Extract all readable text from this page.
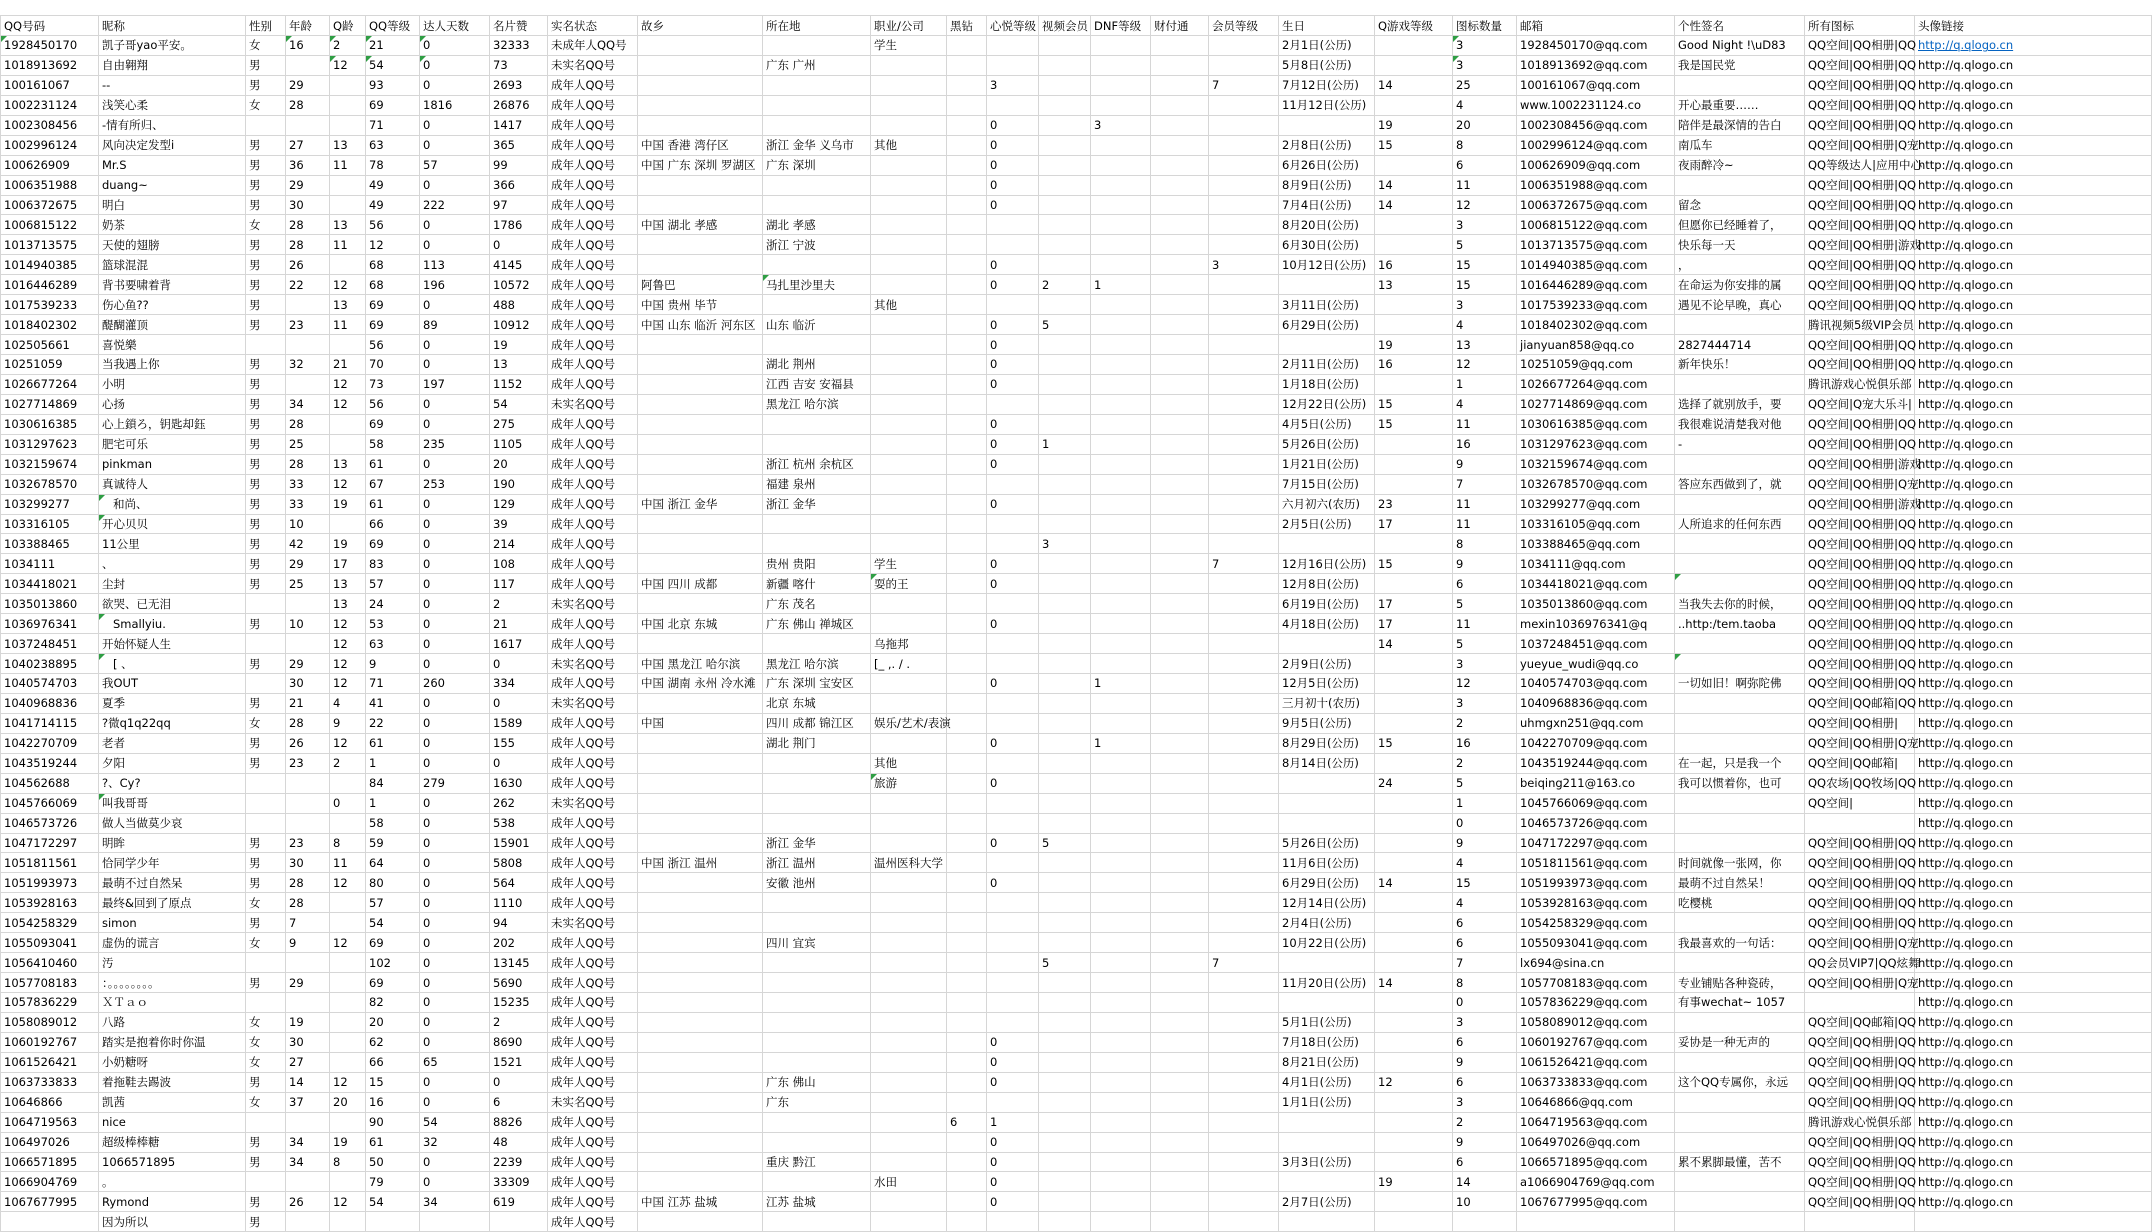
QQ号码	昵称	性别	年龄	Q龄	QQ等级	达人天数	名片赞	实名状态	故乡	所在地	职业/公司	黑钻	心悦等级	视频会员	DNF等级	财付通	会员等级	生日	Q游戏等级	图标数量	邮箱	个性签名	所有图标	头像链接
1928450170	凯子哥yao平安。	女	16	2	21	0	32333	未成年人QQ号			学生							2月1日(公历)		3	1928450170@qq.com	Good Night !\uD83	QQ空间|QQ相册|QQ	http://q.qlogo.cn
1018913692	自由翱翔	男		12	54	0	73	未实名QQ号		广东 广州								5月8日(公历)		3	1018913692@qq.com	我是国民党	QQ空间|QQ相册|QQ	http://q.qlogo.cn
100161067	--	男	29		93	0	2693	成年人QQ号					3				7	7月12日(公历)	14	25	100161067@qq.com		QQ空间|QQ相册|QQ	http://q.qlogo.cn
1002231124	浅笑心柔	女	28		69	1816	26876	成年人QQ号										11月12日(公历)		4	www.1002231124.co	开心最重要……	QQ空间|QQ相册|QQ	http://q.qlogo.cn
1002308456	-情有所归、				71	0	1417	成年人QQ号					0		3				19	20	1002308456@qq.com	陪伴是最深情的告白	QQ空间|QQ相册|QQ	http://q.qlogo.cn
1002996124	风向决定发型i	男	27	13	63	0	365	成年人QQ号	中国 香港 湾仔区	浙江 金华 义乌市	其他		0					2月8日(公历)	15	8	1002996124@qq.com	南瓜车	QQ空间|QQ相册|Q宠	http://q.qlogo.cn
100626909	Mr.S	男	36	11	78	57	99	成年人QQ号	中国 广东 深圳 罗湖区	广东 深圳			0					6月26日(公历)		6	100626909@qq.com	夜雨醉冷~	QQ等级达人|应用中心	http://q.qlogo.cn
1006351988	duang~	男	29		49	0	366	成年人QQ号					0					8月9日(公历)	14	11	1006351988@qq.com		QQ空间|QQ相册|QQ	http://q.qlogo.cn
1006372675	明白	男	30		49	222	97	成年人QQ号					0					7月4日(公历)	14	12	1006372675@qq.com	留念	QQ空间|QQ相册|QQ	http://q.qlogo.cn
1006815122	奶茶	女	28	13	56	0	1786	成年人QQ号	中国 湖北 孝感	湖北 孝感								8月20日(公历)		3	1006815122@qq.com	但愿你已经睡着了，	QQ空间|QQ相册|QQ	http://q.qlogo.cn
1013713575	天使的翅膀	男	28	11	12	0	0	成年人QQ号		浙江 宁波								6月30日(公历)		5	1013713575@qq.com	快乐每一天	QQ空间|QQ相册|游戏	http://q.qlogo.cn
1014940385	篮球混混	男	26		68	113	4145	成年人QQ号					0				3	10月12日(公历)	16	15	1014940385@qq.com	，	QQ空间|QQ相册|QQ	http://q.qlogo.cn
1016446289	背书要啸着背	男	22	12	68	196	10572	成年人QQ号	阿鲁巴	马扎里沙里夫			0	2	1				13	15	1016446289@qq.com	在命运为你安排的属	QQ空间|QQ相册|QQ	http://q.qlogo.cn
1017539233	伤心鱼??	男		13	69	0	488	成年人QQ号	中国 贵州 毕节		其他							3月11日(公历)		3	1017539233@qq.com	遇见不论早晚，真心	QQ空间|QQ相册|QQ	http://q.qlogo.cn
1018402302	醍醐灌顶	男	23	11	69	89	10912	成年人QQ号	中国 山东 临沂 河东区	山东 临沂			0	5				6月29日(公历)		4	1018402302@qq.com		腾讯视频5级VIP会员	http://q.qlogo.cn
102505661	喜悦樂				56	0	19	成年人QQ号					0						19	13	jianyuan858@qq.co	2827444714	QQ空间|QQ相册|QQ	http://q.qlogo.cn
10251059	当我遇上你	男	32	21	70	0	13	成年人QQ号		湖北 荆州			0					2月11日(公历)	16	12	10251059@qq.com	新年快乐！	QQ空间|QQ相册|QQ	http://q.qlogo.cn
1026677264	小明	男		12	73	197	1152	成年人QQ号		江西 吉安 安福县			0					1月18日(公历)		1	1026677264@qq.com		腾讯游戏心悦俱乐部	http://q.qlogo.cn
1027714869	心扬	男	34	12	56	0	54	未实名QQ号		黑龙江 哈尔滨								12月22日(公历)	15	4	1027714869@qq.com	选择了就别放手，要	QQ空间|Q宠大乐斗|	http://q.qlogo.cn
1030616385	心上鎖ろ，钥匙却鈺	男	28		69	0	275	成年人QQ号					0					4月5日(公历)	15	11	1030616385@qq.com	我很难说清楚我对他	QQ空间|QQ相册|QQ	http://q.qlogo.cn
1031297623	肥宅可乐	男	25		58	235	1105	成年人QQ号					0	1				5月26日(公历)		16	1031297623@qq.com	-	QQ空间|QQ相册|QQ	http://q.qlogo.cn
1032159674	pinkman	男	28	13	61	0	20	成年人QQ号		浙江 杭州 余杭区			0					1月21日(公历)		9	1032159674@qq.com		QQ空间|QQ相册|游戏	http://q.qlogo.cn
1032678570	真诚待人	男	33	12	67	253	190	成年人QQ号		福建 泉州								7月15日(公历)		7	1032678570@qq.com	答应东西做到了，就	QQ空间|QQ相册|Q宠	http://q.qlogo.cn
103299277	和尚、	男	33	19	61	0	129	成年人QQ号	中国 浙江 金华	浙江 金华			0					六月初六(农历)	23	11	103299277@qq.com		QQ空间|QQ相册|游戏	http://q.qlogo.cn
103316105	开心贝贝	男	10		66	0	39	成年人QQ号										2月5日(公历)	17	11	103316105@qq.com	人所追求的任何东西	QQ空间|QQ相册|QQ	http://q.qlogo.cn
103388465	11公里	男	42	19	69	0	214	成年人QQ号						3						8	103388465@qq.com		QQ空间|QQ相册|QQ	http://q.qlogo.cn
1034111	、	男	29	17	83	0	108	成年人QQ号		贵州 贵阳	学生		0				7	12月16日(公历)	15	9	1034111@qq.com		QQ空间|QQ相册|QQ	http://q.qlogo.cn
1034418021	尘封	男	25	13	57	0	117	成年人QQ号	中国 四川 成都	新疆 喀什	耍的王		0					12月8日(公历)		6	1034418021@qq.com		QQ空间|QQ相册|QQ	http://q.qlogo.cn
1035013860	欲哭、已无泪			13	24	0	2	未实名QQ号		广东 茂名								6月19日(公历)	17	5	1035013860@qq.com	当我失去你的时候，	QQ空间|QQ相册|QQ	http://q.qlogo.cn
1036976341	Smallyiu.	男	10	12	53	0	21	成年人QQ号	中国 北京 东城	广东 佛山 禅城区			0					4月18日(公历)	17	11	mexin1036976341@q	..http:/tem.taoba	QQ空间|QQ相册|QQ	http://q.qlogo.cn
1037248451	开始怀疑人生			12	63	0	1617	成年人QQ号			乌拖邦								14	5	1037248451@qq.com		QQ空间|QQ相册|QQ	http://q.qlogo.cn
1040238895	[ 、	男	29	12	9	0	0	未实名QQ号	中国 黑龙江 哈尔滨	黑龙江 哈尔滨	[_ ,. / .							2月9日(公历)		3	yueyue_wudi@qq.co		QQ空间|QQ相册|QQ	http://q.qlogo.cn
1040574703	我OUT		30	12	71	260	334	成年人QQ号	中国 湖南 永州 冷水滩	广东 深圳 宝安区			0		1			12月5日(公历)		12	1040574703@qq.com	一切如旧！啊弥陀佛	QQ空间|QQ相册|QQ	http://q.qlogo.cn
1040968836	夏季	男	21	4	41	0	0	未实名QQ号		北京 东城								三月初十(农历)		3	1040968836@qq.com		QQ空间|QQ邮箱|QQ	http://q.qlogo.cn
1041714115	?微q1q22qq	女	28	9	22	0	1589	成年人QQ号	中国	四川 成都 锦江区	娱乐/艺术/表演							9月5日(公历)		2	uhmgxn251@qq.com		QQ空间|QQ相册|	http://q.qlogo.cn
1042270709	老者	男	26	12	61	0	155	成年人QQ号		湖北 荆门			0		1			8月29日(公历)	15	16	1042270709@qq.com		QQ空间|QQ相册|Q宠	http://q.qlogo.cn
1043519244	夕阳	男	23	2	1	0	0	成年人QQ号			其他							8月14日(公历)		2	1043519244@qq.com	在一起，只是我一个	QQ空间|QQ邮箱|	http://q.qlogo.cn
104562688	?、Cy?				84	279	1630	成年人QQ号			旅游		0						24	5	beiqing211@163.co	我可以惯着你，也可	QQ农场|QQ牧场|QQ	http://q.qlogo.cn
1045766069	叫我哥哥			0	1	0	262	未实名QQ号												1	1045766069@qq.com		QQ空间|	http://q.qlogo.cn
1046573726	做人当做莫少哀				58	0	538	成年人QQ号												0	1046573726@qq.com			http://q.qlogo.cn
1047172297	明眸	男	23	8	59	0	15901	成年人QQ号		浙江 金华			0	5				5月26日(公历)		9	1047172297@qq.com		QQ空间|QQ相册|QQ	http://q.qlogo.cn
1051811561	恰同学少年	男	30	11	64	0	5808	成年人QQ号	中国 浙江 温州	浙江 温州	温州医科大学							11月6日(公历)		4	1051811561@qq.com	时间就像一张网，你	QQ空间|QQ相册|QQ	http://q.qlogo.cn
1051993973	最萌不过自然呆	男	28	12	80	0	564	成年人QQ号		安徽 池州			0					6月29日(公历)	14	15	1051993973@qq.com	最萌不过自然呆！	QQ空间|QQ相册|QQ	http://q.qlogo.cn
1053928163	最终&回到了原点	女	28		57	0	1110	成年人QQ号										12月14日(公历)		4	1053928163@qq.com	吃樱桃	QQ空间|QQ相册|QQ	http://q.qlogo.cn
1054258329	simon	男	7		54	0	94	未实名QQ号										2月4日(公历)		6	1054258329@qq.com		QQ空间|QQ相册|QQ	http://q.qlogo.cn
1055093041	虚伪的谎言	女	9	12	69	0	202	成年人QQ号		四川 宜宾								10月22日(公历)		6	1055093041@qq.com	我最喜欢的一句话：	QQ空间|QQ相册|Q宠	http://q.qlogo.cn
1056410460	汚				102	0	13145	成年人QQ号						5			7			7	lx694@sina.cn		QQ会员VIP7|QQ炫舞	http://q.qlogo.cn
1057708183	：。。。。。。。。	男	29		69	0	5690	成年人QQ号										11月20日(公历)	14	8	1057708183@qq.com	专业铺贴各种瓷砖，	QQ空间|QQ相册|Q宠	http://q.qlogo.cn
1057836229	ＸＴａｏ				82	0	15235	成年人QQ号												0	1057836229@qq.com	有事wechat~ 1057		http://q.qlogo.cn
1058089012	八路	女	19		20	0	2	成年人QQ号										5月1日(公历)		3	1058089012@qq.com		QQ空间|QQ邮箱|QQ	http://q.qlogo.cn
1060192767	踏实是抱着你时你温	女	30		62	0	8690	成年人QQ号					0					7月18日(公历)		6	1060192767@qq.com	妥协是一种无声的	QQ空间|QQ相册|QQ	http://q.qlogo.cn
1061526421	小奶糖呀	女	27		66	65	1521	成年人QQ号					0					8月21日(公历)		9	1061526421@qq.com		QQ空间|QQ相册|QQ	http://q.qlogo.cn
1063733833	着拖鞋去踢波	男	14	12	15	0	0	成年人QQ号		广东 佛山			0					4月1日(公历)	12	6	1063733833@qq.com	这个QQ专属你，永远	QQ空间|QQ相册|QQ	http://q.qlogo.cn
10646866	凯茜	女	37	20	16	0	6	未实名QQ号		广东								1月1日(公历)		3	10646866@qq.com		QQ空间|QQ相册|QQ	http://q.qlogo.cn
1064719563	nice				90	54	8826	成年人QQ号				6	1							2	1064719563@qq.com		腾讯游戏心悦俱乐部	http://q.qlogo.cn
106497026	超级棒棒糖	男	34	19	61	32	48	成年人QQ号					0							9	106497026@qq.com		QQ空间|QQ相册|QQ	http://q.qlogo.cn
1066571895	1066571895	男	34	8	50	0	2239	成年人QQ号		重庆 黔江			0					3月3日(公历)		6	1066571895@qq.com	累不累脚最懂，苦不	QQ空间|QQ相册|QQ	http://q.qlogo.cn
1066904769	。				79	0	33309	成年人QQ号			水田		0						19	14	a1066904769@qq.com		QQ空间|QQ相册|QQ	http://q.qlogo.cn
1067677995	Rymond	男	26	12	54	34	619	成年人QQ号	中国 江苏 盐城	江苏 盐城			0					2月7日(公历)		10	1067677995@qq.com		QQ空间|QQ相册|QQ	http://q.qlogo.cn
	因为所以	男						成年人QQ号																
